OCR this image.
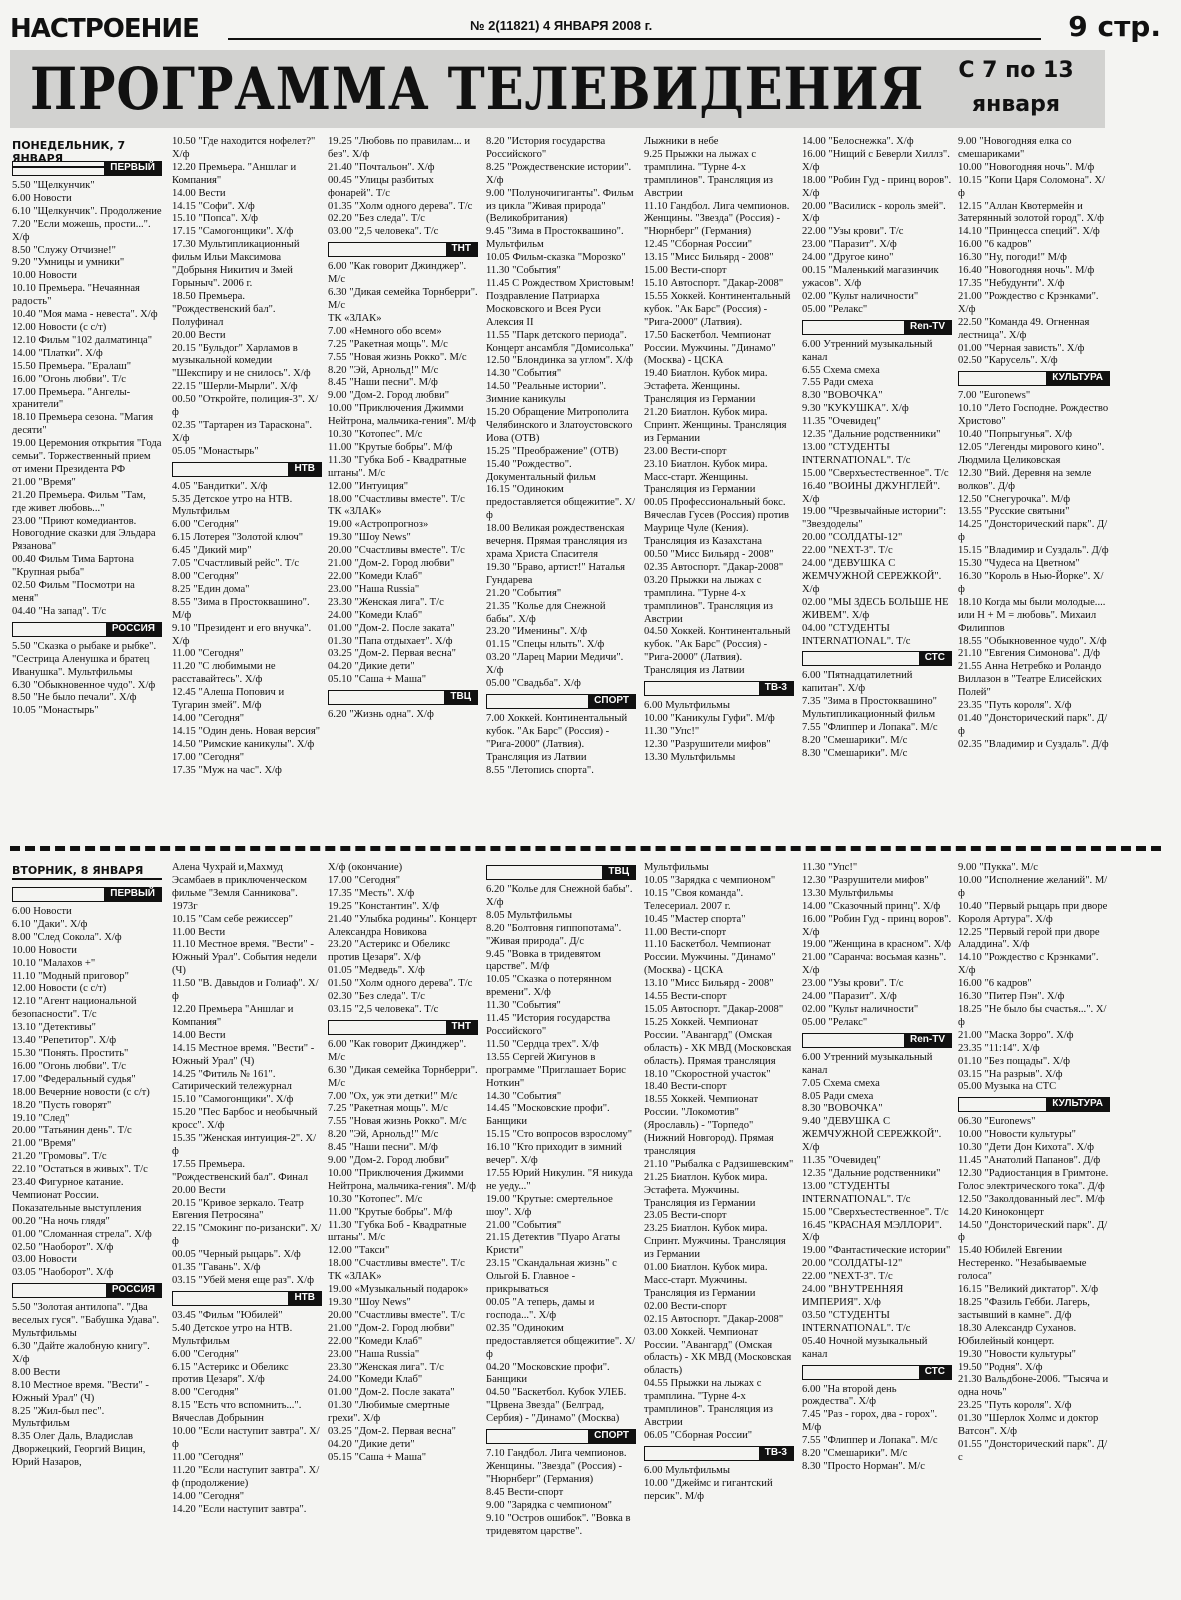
НАСТРОЕНИЕ	№ 2(11821) 4 ЯНВАРЯ 2008 г.	9 стр.
ПРОГРАММА ТЕЛЕВИДЕНИЯ	С 7 по 13
января
ПОНЕДЕЛЬНИК, 7 ЯНВАРЯ
ВТОРНИК, 8 ЯНВАРЯ
ПЕРВЫЙ

5.50 "Щелкунчик"

6.00 Новости

6.10 "Щелкунчик". Продолжение

7.20 "Если можешь, прости...". Х/ф

8.50 "Служу Отчизне!"

9.20 "Умницы и умники"

10.00 Новости

10.10 Премьера. "Нечаянная радость"

10.40 "Моя мама - невеста". Х/ф

12.00 Новости (с с/т)

12.10 Фильм "102 далматинца"

14.00 "Платки". Х/ф

15.50 Премьера. "Ералаш"

16.00 "Огонь любви". Т/с

17.00 Премьера. "Ангелы-хранители"

18.10 Премьера сезона. "Магия десяти"

19.00 Церемония открытия "Года семьи". Торжественный прием от имени Президента РФ

21.00 "Время"

21.20 Премьера. Фильм "Там, где живет любовь..."

23.00 "Приют комедиантов. Новогодние сказки для Эльдара Рязанова"

00.40 Фильм Тима Бартона "Крупная рыба"

02.50 Фильм "Посмотри на меня"

04.40 "На запад". Т/с

РОССИЯ

5.50 "Сказка о рыбаке и рыбке". "Сестрица Аленушка и братец Иванушка". Мультфильмы

6.30 "Обыкновенное чудо". Х/ф

8.50 "Не было печали". Х/ф

10.05 "Монастырь"

10.50 "Где находится нофелет?" Х/ф

12.20 Премьера. "Аншлаг и Компания"

14.00 Вести

14.15 "Софи". Х/ф

15.10 "Попса". Х/ф

17.15 "Самогонщики". Х/ф

17.30 Мультипликационный фильм Ильи Максимова "Добрыня Никитич и Змей Горыныч". 2006 г.

18.50 Премьера. "Рождественский бал". Полуфинал

20.00 Вести

20.15 "Бульдог" Харламов в музыкальной комедии "Шекспиру и не снилось". Х/ф

22.15 "Шерли-Мырли". Х/ф

00.50 "Откройте, полиция-3". Х/ф

02.35 "Тартарен из Тараскона". Х/ф

05.05 "Монастырь"

НТВ

4.05 "Бандитки". Х/ф

5.35 Детское утро на НТВ. Мультфильм

6.00 "Сегодня"

6.15 Лотерея "Золотой ключ"

6.45 "Дикий мир"

7.05 "Счастливый рейс". Т/с

8.00 "Сегодня"

8.25 "Един дома"

8.55 "Зима в Простоквашино". М/ф

9.10 "Президент и его внучка". Х/ф

11.00 "Сегодня"

11.20 "С любимыми не расставайтесь". Х/ф

12.45 "Алеша Попович и Тугарин змей". М/ф

14.00 "Сегодня"

14.15 "Один день. Новая версия"

14.50 "Римские каникулы". Х/ф

17.00 "Сегодня"

17.35 "Муж на час". Х/ф

19.25 "Любовь по правилам... и без". Х/ф

21.40 "Почтальон". Х/ф

00.45 "Улицы разбитых фонарей". Т/с

01.35 "Холм одного дерева". Т/с

02.20 "Без следа". Т/с

03.00 "2,5 человека". Т/с

ТНТ

6.00 "Как говорит Джинджер". М/с

6.30 "Дикая семейка Торнберри". М/с

ТК «ЗЛАК»

7.00 «Немного обо всем»

7.25 "Ракетная мощь". М/с

7.55 "Новая жизнь Рокко". М/с

8.20 "Эй, Арнольд!" М/с

8.45 "Наши песни". М/ф

9.00 "Дом-2. Город любви"

10.00 "Приключения Джимми Нейтрона, мальчика-гения". М/ф

10.30 "Котопес". М/с

11.00 "Крутые бобры". М/ф

11.30 "Губка Боб - Квадратные штаны". М/с

12.00 "Интуиция"

18.00 "Счастливы вместе". Т/с

ТК «ЗЛАК»

19.00 «Астропрогноз»

19.30 "Шоу News"

20.00 "Счастливы вместе". Т/с

21.00 "Дом-2. Город любви"

22.00 "Комеди Клаб"

23.00 "Наша Russia"

23.30 "Женская лига". Т/с

24.00 "Комеди Клаб"

01.00 "Дом-2. После заката"

01.30 "Папа отдыхает". Х/ф

03.25 "Дом-2. Первая весна"

04.20 "Дикие дети"

05.10 "Саша + Маша"

ТВЦ

6.20 "Жизнь одна". Х/ф

8.20 "История государства Российского"

8.25 "Рождественские истории". Х/ф

9.00 "Полуночигиганты". Фильм из цикла "Живая природа" (Великобритания)

9.45 "Зима в Простоквашино". Мультфильм

10.05 Фильм-сказка "Морозко"

11.30 "События"

11.45 С Рождеством Христовым! Поздравление Патриарха Московского и Всея Руси Алексия II

11.55 "Парк детского периода". Концерт ансамбля "Домисолька"

12.50 "Блондинка за углом". Х/ф

14.30 "События"

14.50 "Реальные истории". Зимние каникулы

15.20 Обращение Митрополита Челябинского и Златоустовского Иова (ОТВ)

15.25 "Преображение" (ОТВ)

15.40 "Рождество". Документальный фильм

16.15 "Одиноким предоставляется общежитие". Х/ф

18.00 Великая рождественская вечерня. Прямая трансляция из храма Христа Спасителя

19.30 "Браво, артист!" Наталья Гундарева

21.20 "События"

21.35 "Колье для Снежной бабы". Х/ф

23.20 "Именины". Х/ф

01.15 "Спецы нлыть". Х/ф

03.20 "Ларец Марии Медичи". Х/ф

05.00 "Свадьба". Х/ф

СПОРТ

7.00 Хоккей. Континентальный кубок. "Ак Барс" (Россия) - "Рига-2000" (Латвия). Трансляция из Латвии

8.55 "Летопись спорта".

Лыжники в небе

9.25 Прыжки на лыжах с трамплина. "Турне 4-х трамплинов". Трансляция из Австрии

11.10 Гандбол. Лига чемпионов. Женщины. "Звезда" (Россия) - "Нюрнберг" (Германия)

12.45 "Сборная России"

13.15 "Мисс Бильярд - 2008"

15.00 Вести-спорт

15.10 Автоспорт. "Дакар-2008"

15.55 Хоккей. Континентальный кубок. "Ак Барс" (Россия) - "Рига-2000" (Латвия).

17.50 Баскетбол. Чемпионат России. Мужчины. "Динамо" (Москва) - ЦСКА

19.40 Биатлон. Кубок мира. Эстафета. Женщины. Трансляция из Германии

21.20 Биатлон. Кубок мира. Спринт. Женщины. Трансляция из Германии

23.00 Вести-спорт

23.10 Биатлон. Кубок мира. Масс-старт. Женщины. Трансляция из Германии

00.05 Профессиональный бокс. Вячеслав Гусев (Россия) против Маурице Чуле (Кения). Трансляция из Казахстана

00.50 "Мисс Бильярд - 2008"

02.35 Автоспорт. "Дакар-2008"

03.20 Прыжки на лыжах с трамплина. "Турне 4-х трамплинов". Трансляция из Австрии

04.50 Хоккей. Континентальный кубок. "Ак Барс" (Россия) - "Рига-2000" (Латвия). Трансляция из Латвии

ТВ-3

6.00 Мультфильмы

10.00 "Каникулы Гуфи". М/ф

11.30 "Упс!"

12.30 "Разрушители мифов"

13.30 Мультфильмы

14.00 "Белоснежка". Х/ф

16.00 "Нищий с Беверли Хиллз". Х/ф

18.00 "Робин Гуд - принц воров". Х/ф

20.00 "Василиск - король змей". Х/ф

22.00 "Узы крови". Т/с

23.00 "Паразит". Х/ф

24.00 "Другое кино"

00.15 "Маленький магазинчик ужасов". Х/ф

02.00 "Культ наличности"

05.00 "Релакс"

Ren-TV

6.00 Утренний музыкальный канал

6.55 Схема смеха

7.55 Ради смеха

8.30 "ВОВОЧКА"

9.30 "КУКУШКА". Х/ф

11.35 "Очевидец"

12.35 "Дальние родственники"

13.00 "СТУДЕНТЫ INTERNATIONAL". Т/с

15.00 "Сверхъестественное". Т/с

16.40 "ВОИНЫ ДЖУНГЛЕЙ". Х/ф

19.00 "Чрезвычайные истории": "Звездоделы"

20.00 "СОЛДАТЫ-12"

22.00 "NEXT-3". Т/с

24.00 "ДЕВУШКА С ЖЕМЧУЖНОЙ СЕРЕЖКОЙ". Х/ф

02.00 "МЫ ЗДЕСЬ БОЛЬШЕ НЕ ЖИВЕМ". Х/ф

04.00 "СТУДЕНТЫ INTERNATIONAL". Т/с

СТС

6.00 "Пятнадцатилетний капитан". Х/ф

7.35 "Зима в Простоквашино" Мультипликационный фильм

7.55 "Флиппер и Лопака". М/с

8.20 "Смешарики". М/с

8.30 "Смешарики". М/с

9.00 "Новогодняя елка со смешариками"

10.00 "Новогодняя ночь". М/ф

10.15 "Копи Царя Соломона". Х/ф

12.15 "Аллан Квотермейн и Затерянный золотой город". Х/ф

14.10 "Принцесса специй". Х/ф

16.00 "6 кадров"

16.30 "Ну, погоди!" М/ф

16.40 "Новогодняя ночь". М/ф

17.35 "Небудунти". Х/ф

21.00 "Рождество с Крэнками". Х/ф

22.50 "Команда 49. Огненная лестница". Х/ф

01.00 "Черная зависть". Х/ф

02.50 "Карусель". Х/ф

КУЛЬТУРА

7.00 "Euronews"

10.10 "Лето Господне. Рождество Христово"

10.40 "Попрыгунья". Х/ф

12.05 "Легенды мирового кино". Людмила Целиковская

12.30 "Вий. Деревня на земле волков". Д/ф

12.50 "Снегурочка". М/ф

13.55 "Русские святыни"

14.25 "Донсторический парк". Д/ф

15.15 "Владимир и Суздаль". Д/ф

15.30 "Чудеса на Цветном"

16.30 "Король в Нью-Йорке". Х/ф

18.10 Когда мы были молодые.... или Н + М = любовь". Михаил Филиппов

18.55 "Обыкновенное чудо". Х/ф

21.10 "Евгения Симонова". Д/ф

21.55 Анна Нетребко и Роландо Виллазон в "Театре Елисейских Полей"

23.35 "Путь короля". Х/ф

01.40 "Донсторический парк". Д/ф

02.35 "Владимир и Суздаль". Д/ф

ПЕРВЫЙ

6.00 Новости

6.10 "Даки". Х/ф

8.00 "След Сокола". Х/ф

10.00 Новости

10.10 "Малахов +"

11.10 "Модный приговор"

12.00 Новости (с с/т)

12.10 "Агент национальной безопасности". Т/с

13.10 "Детективы"

13.40 "Репетитор". Х/ф

15.30 "Понять. Простить"

16.00 "Огонь любви". Т/с

17.00 "Федеральный судья"

18.00 Вечерние новости (с с/т)

18.20 "Пусть говорят"

19.10 "След"

20.00 "Татьянин день". Т/с

21.00 "Время"

21.20 "Громовы". Т/с

22.10 "Остаться в живых". Т/с

23.40 Фигурное катание. Чемпионат России. Показательные выступления

00.20 "На ночь глядя"

01.00 "Сломанная стрела". Х/ф

02.50 "Наоборот". Х/ф

03.00 Новости

03.05 "Наоборот". Х/ф

РОССИЯ

5.50 "Золотая антилопа". "Два веселых гуся". "Бабушка Удава". Мультфильмы

6.30 "Дайте жалобную книгу". Х/ф

8.00 Вести

8.10 Местное время. "Вести" - Южный Урал" (Ч)

8.25 "Жил-был пес". Мультфильм

8.35 Олег Даль, Владислав Дворжецкий, Георгий Вицин, Юрий Назаров,

Алена Чухрай и,Махмуд Эсамбаев в приключенческом фильме "Земля Санникова". 1973г

10.15 "Сам себе режиссер"

11.00 Вести

11.10 Местное время. "Вести" - Южный Урал". События недели (Ч)

11.50 "В. Давыдов и Голиаф". Х/ф

12.20 Премьера "Аншлаг и Компания"

14.00 Вести

14.15 Местное время. "Вести" - Южный Урал" (Ч)

14.25 "Фитиль № 161". Сатирический тележурнал

15.10 "Самогонщики". Х/ф

15.20 "Пес Барбос и необычный кросс". Х/ф

15.35 "Женская интуиция-2". Х/ф

17.55 Премьера. "Рождественский бал". Финал

20.00 Вести

20.15 "Кривое зеркало. Театр Евгения Петросяна"

22.15 "Смокинг по-ризански". Х/ф

00.05 "Черный рыцарь". Х/ф

01.35 "Гавань". Х/ф

03.15 "Убей меня еще раз". Х/ф

НТВ

03.45 "Фильм "Юбилей"

5.40 Детское утро на НТВ. Мультфильм

6.00 "Сегодня"

6.15 "Астерикс и Обеликс против Цезаря". Х/ф

8.00 "Сегодня"

8.15 "Есть что вспомнить...". Вячеслав Добрынин

10.00 "Если наступит завтра". Х/ф

11.00 "Сегодня"

11.20 "Если наступит завтра". Х/ф (продолжение)

14.00 "Сегодня"

14.20 "Если наступит завтра".

Х/ф (окончание)

17.00 "Сегодня"

17.35 "Месть". Х/ф

19.25 "Константин". Х/ф

21.40 "Улыбка родины". Концерт Александра Новикова

23.20 "Астерикс и Обеликс против Цезаря". Х/ф

01.05 "Медведь". Х/ф

01.50 "Холм одного дерева". Т/с

02.30 "Без следа". Т/с

03.15 "2,5 человека". Т/с

ТНТ

6.00 "Как говорит Джинджер". М/с

6.30 "Дикая семейка Торнберри". М/с

7.00 "Ох, уж эти детки!" М/с

7.25 "Ракетная мощь". М/с

7.55 "Новая жизнь Рокко". М/с

8.20 "Эй, Арнольд!" М/с

8.45 "Наши песни". М/ф

9.00 "Дом-2. Город любви"

10.00 "Приключения Джимми Нейтрона, мальчика-гения". М/ф

10.30 "Котопес". М/с

11.00 "Крутые бобры". М/ф

11.30 "Губка Боб - Квадратные штаны". М/с

12.00 "Такси"

18.00 "Счастливы вместе". Т/с

ТК «ЗЛАК»

19.00 «Музыкальный подарок»

19.30 "Шоу News"

20.00 "Счастливы вместе". Т/с

21.00 "Дом-2. Город любви"

22.00 "Комеди Клаб"

23.00 "Наша Russia"

23.30 "Женская лига". Т/с

24.00 "Комеди Клаб"

01.00 "Дом-2. После заката"

01.30 "Любимые смертные грехи". Х/ф

03.25 "Дом-2. Первая весна"

04.20 "Дикие дети"

05.15 "Саша + Маша"

ТВЦ

6.20 "Колье для Снежной бабы". Х/ф

8.05 Мультфильмы

8.20 "Болтовня гиппопотама". "Живая природа". Д/с

9.45 "Вовка в тридевятом царстве". М/ф

10.05 "Сказка о потерянном времени". Х/ф

11.30 "События"

11.45 "История государства Российского"

11.50 "Сердца трех". Х/ф

13.55 Сергей Жигунов в программе "Приглашает Борис Ноткин"

14.30 "События"

14.45 "Московские профи". Банщики

15.15 "Сто вопросов взрослому"

16.10 "Кто приходит в зимний вечер". Х/ф

17.55 Юрий Никулин. "Я никуда не уеду..."

19.00 "Крутые: смертельное шоу". Х/ф

21.00 "События"

21.15 Детектив "Пуаро Агаты Кристи"

23.15 "Скандальная жизнь" с Ольгой Б. Главное - прикрываться

00.05 "А теперь, дамы и господа...". Х/ф

02.35 "Одиноким предоставляется общежитие". Х/ф

04.20 "Московские профи". Банщики

04.50 "Баскетбол. Кубок УЛЕБ. "Црвена Звезда" (Белград, Сербия) - "Динамо" (Москва)

СПОРТ

7.10 Гандбол. Лига чемпионов. Женщины. "Звезда" (Россия) - "Нюрнберг" (Германия)

8.45 Вести-спорт

9.00 "Зарядка с чемпионом"

9.10 "Остров ошибок". "Вовка в тридевятом царстве".

Мультфильмы

10.05 "Зарядка с чемпионом"

10.15 "Своя команда". Телесериал. 2007 г.

10.45 "Мастер спорта"

11.00 Вести-спорт

11.10 Баскетбол. Чемпионат России. Мужчины. "Динамо" (Москва) - ЦСКА

13.10 "Мисс Бильярд - 2008"

14.55 Вести-спорт

15.05 Автоспорт. "Дакар-2008"

15.25 Хоккей. Чемпионат России. "Авангард" (Омская область) - ХК МВД (Московская область). Прямая трансляция

18.10 "Скоростной участок"

18.40 Вести-спорт

18.55 Хоккей. Чемпионат России. "Локомотив" (Ярославль) - "Торпедо" (Нижний Новгород). Прямая трансляция

21.10 "Рыбалка с Радзишевским"

21.25 Биатлон. Кубок мира. Эстафета. Мужчины. Трансляция из Германии

23.05 Вести-спорт

23.25 Биатлон. Кубок мира. Спринт. Мужчины. Трансляция из Германии

01.00 Биатлон. Кубок мира. Масс-старт. Мужчины. Трансляция из Германии

02.00 Вести-спорт

02.15 Автоспорт. "Дакар-2008"

03.00 Хоккей. Чемпионат России. "Авангард" (Омская область) - ХК МВД (Московская область)

04.55 Прыжки на лыжах с трамплина. "Турне 4-х трамплинов". Трансляция из Австрии

06.05 "Сборная России"

ТВ-3

6.00 Мультфильмы

10.00 "Джеймс и гигантский персик". М/ф

11.30 "Упс!"

12.30 "Разрушители мифов"

13.30 Мультфильмы

14.00 "Сказочный принц". Х/ф

16.00 "Робин Гуд - принц воров". Х/ф

19.00 "Женщина в красном". Х/ф

21.00 "Саранча: восьмая казнь". Х/ф

23.00 "Узы крови". Т/с

24.00 "Паразит". Х/ф

02.00 "Культ наличности"

05.00 "Релакс"

Ren-TV

6.00 Утренний музыкальный канал

7.05 Схема смеха

8.05 Ради смеха

8.30 "ВОВОЧКА"

9.40 "ДЕВУШКА С ЖЕМЧУЖНОЙ СЕРЕЖКОЙ". Х/ф

11.35 "Очевидец"

12.35 "Дальние родственники"

13.00 "СТУДЕНТЫ INTERNATIONAL". Т/с

15.00 "Сверхъестественное". Т/с

16.45 "КРАСНАЯ МЭЛЛОРИ". Х/ф

19.00 "Фантастические истории"

20.00 "СОЛДАТЫ-12"

22.00 "NEXT-3". Т/с

24.00 "ВНУТРЕННЯЯ ИМПЕРИЯ". Х/ф

03.50 "СТУДЕНТЫ INTERNATIONAL". Т/с

05.40 Ночной музыкальный канал

СТС

6.00 "На второй день рождества". Х/ф

7.45 "Раз - горох, два - горох". М/ф

7.55 "Флиппер и Лопака". М/с

8.20 "Смешарики". М/с

8.30 "Просто Норман". М/с

9.00 "Пукка". М/с

10.00 "Исполнение желаний". М/ф

10.40 "Первый рыцарь при дворе Короля Артура". Х/ф

12.25 "Первый герой при дворе Аладдина". Х/ф

14.10 "Рождество с Крэнками". Х/ф

16.00 "6 кадров"

16.30 "Питер Пэн". Х/ф

18.25 "Не было бы счастья...". Х/ф

21.00 "Маска Зорро". Х/ф

23.35 "11:14". Х/ф

01.10 "Без пощады". Х/ф

03.15 "На разрыв". Х/ф

05.00 Музыка на СТС

КУЛЬТУРА

06.30 "Euronews"

10.00 "Новости культуры"

10.30 "Дети Дон Кихота". Х/ф

11.45 "Анатолий Папанов". Д/ф

12.30 "Радиостанция в Гримтоне. Голос электрического тока". Д/ф

12.50 "Заколдованный лес". М/ф

14.20 Киноконцерт

14.50 "Донсторический парк". Д/ф

15.40 Юбилей Евгении Нестеренко. "Незабываемые голоса"

16.15 "Великий диктатор". Х/ф

18.25 "Фазиль Гебби. Лагерь, застывший в камне". Д/ф

18.30 Александр Суханов. Юбилейный концерт.

19.30 "Новости культуры"

19.50 "Родня". Х/ф

21.30 Вальдбоне-2006. "Тысяча и одна ночь"

23.25 "Путь короля". Х/ф

01.30 "Шерлок Холмс и доктор Ватсон". Х/ф

01.55 "Донсторический парк". Д/с
